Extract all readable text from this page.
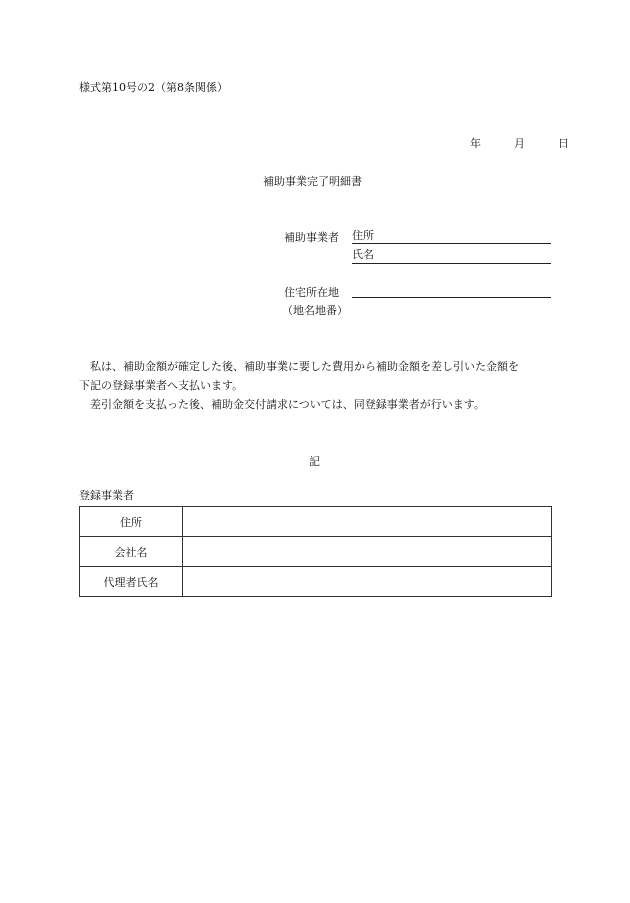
様式第10号の2（第8条関係）
年	月	日
補助事業完了明細書
補助事業者 住所
氏名
住宅所在地
（地名地番）
私は、補助金額が確定した後、補助事業に要した費用から補助金額を差し引いた金額を
下記の登録事業者へ支払います。
差引金額を支払った後、補助金交付請求については、同登録事業者が行います。
記
登録事業者
住所	
会社名	
代理者氏名	
